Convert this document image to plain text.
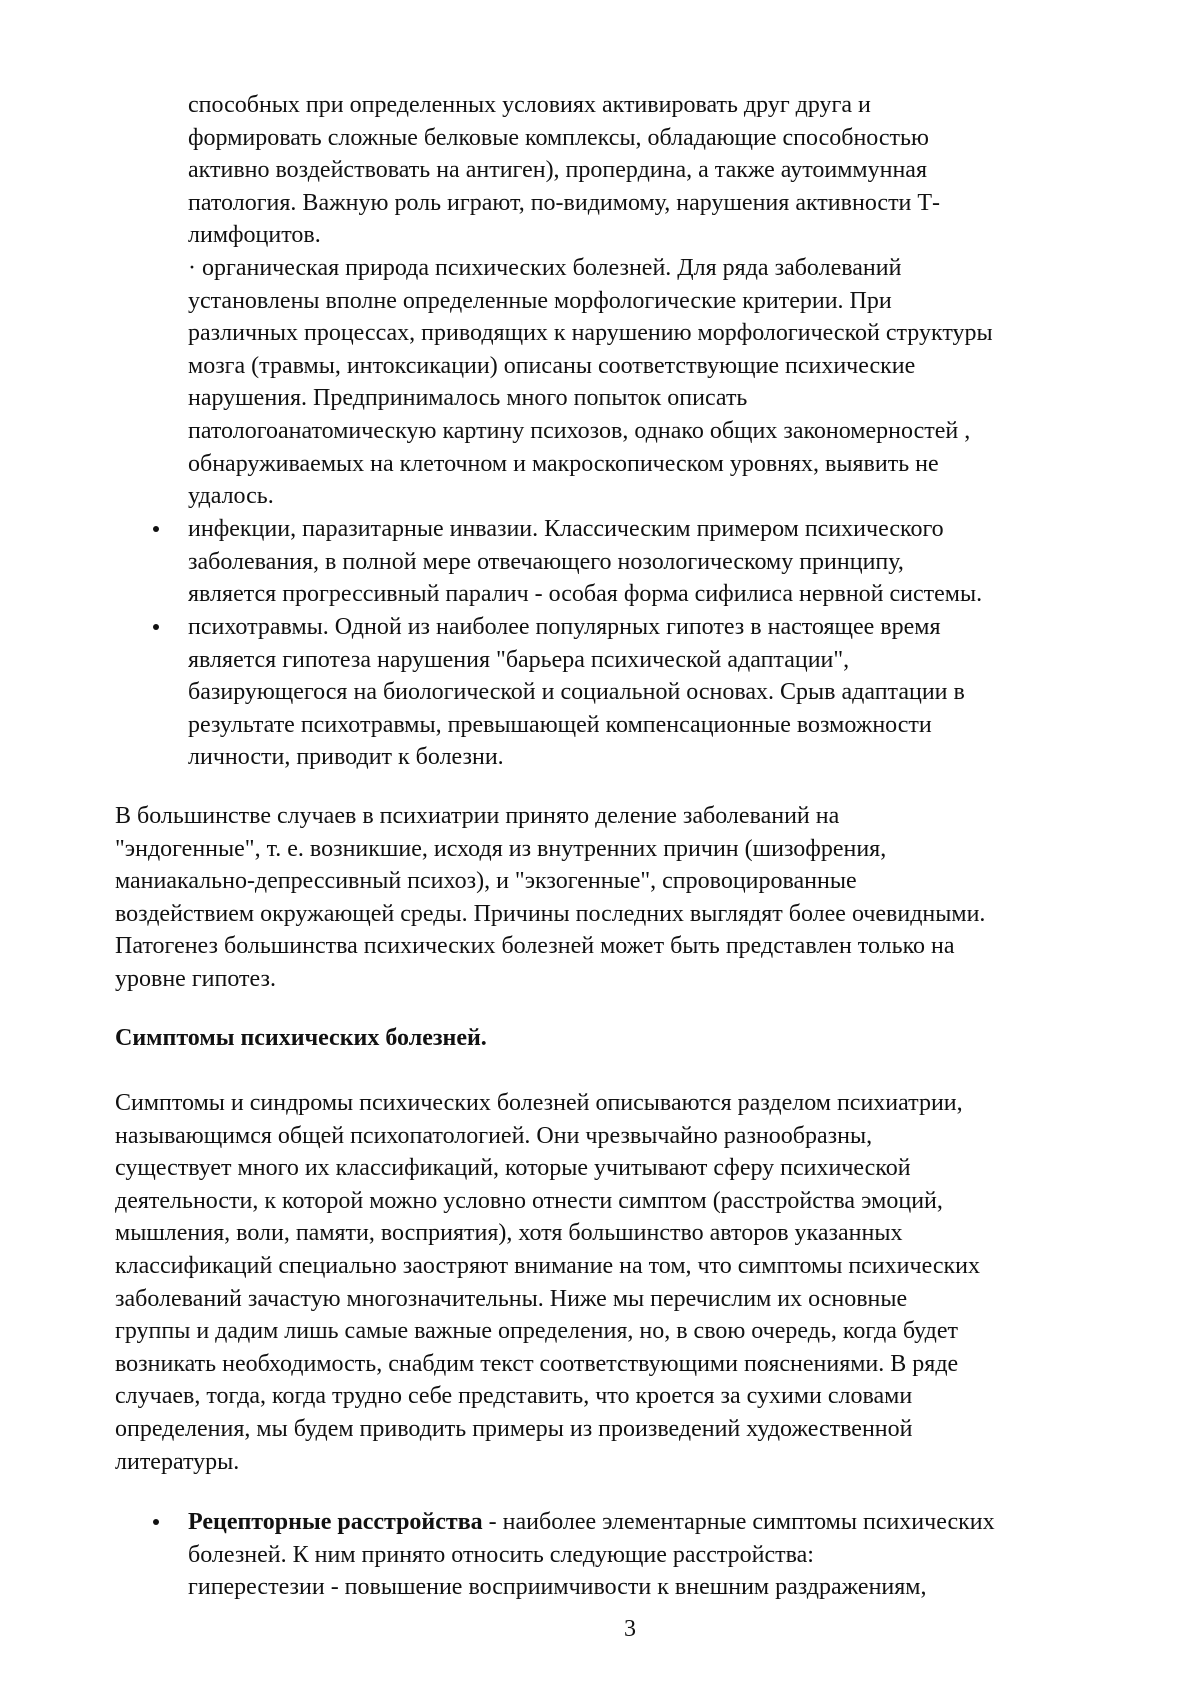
способных при определенных условиях активировать друг друга и
формировать сложные белковые комплексы, обладающие способностью
активно воздействовать на антиген), пропердина, а также аутоиммунная
патология. Важную роль играют, по-видимому, нарушения активности Т-
лимфоцитов.
· органическая природа психических болезней. Для ряда заболеваний
установлены вполне определенные морфологические критерии. При
различных процессах, приводящих к нарушению морфологической структуры
мозга (травмы, интоксикации) описаны соответствующие психические
нарушения. Предпринималось много попыток описать
патологоанатомическую картину психозов, однако общих закономерностей ,
обнаруживаемых на клеточном и макроскопическом уровнях, выявить не
удалось.
инфекции, паразитарные инвазии. Классическим примером психического
заболевания, в полной мере отвечающего нозологическому принципу,
является прогрессивный паралич - особая форма сифилиса нервной системы.
психотравмы. Одной из наиболее популярных гипотез в настоящее время
является гипотеза нарушения "барьера психической адаптации",
базирующегося на биологической и социальной основах. Срыв адаптации в
результате психотравмы, превышающей компенсационные возможности
личности, приводит к болезни.
В большинстве случаев в психиатрии принято деление заболеваний на
"эндогенные", т. е. возникшие, исходя из внутренних причин (шизофрения,
маниакально-депрессивный психоз), и "экзогенные", спровоцированные
воздействием окружающей среды. Причины последних выглядят более очевидными.
Патогенез большинства психических болезней может быть представлен только на
уровне гипотез.
Симптомы психических болезней.
Симптомы и синдромы психических болезней описываются разделом психиатрии,
называющимся общей психопатологией. Они чрезвычайно разнообразны,
существует много их классификаций, которые учитывают сферу психической
деятельности, к которой можно условно отнести симптом (расстройства эмоций,
мышления, воли, памяти, восприятия), хотя большинство авторов указанных
классификаций специально заостряют внимание на том, что симптомы психических
заболеваний зачастую многозначительны. Ниже мы перечислим их основные
группы и дадим лишь самые важные определения, но, в свою очередь, когда будет
возникать необходимость, снабдим текст соответствующими пояснениями. В ряде
случаев, тогда, когда трудно себе представить, что кроется за сухими словами
определения, мы будем приводить примеры из произведений художественной
литературы.
Рецепторные расстройства - наиболее элементарные симптомы психических
болезней. К ним принято относить следующие расстройства:
гиперестезии - повышение восприимчивости к внешним раздражениям,
3
